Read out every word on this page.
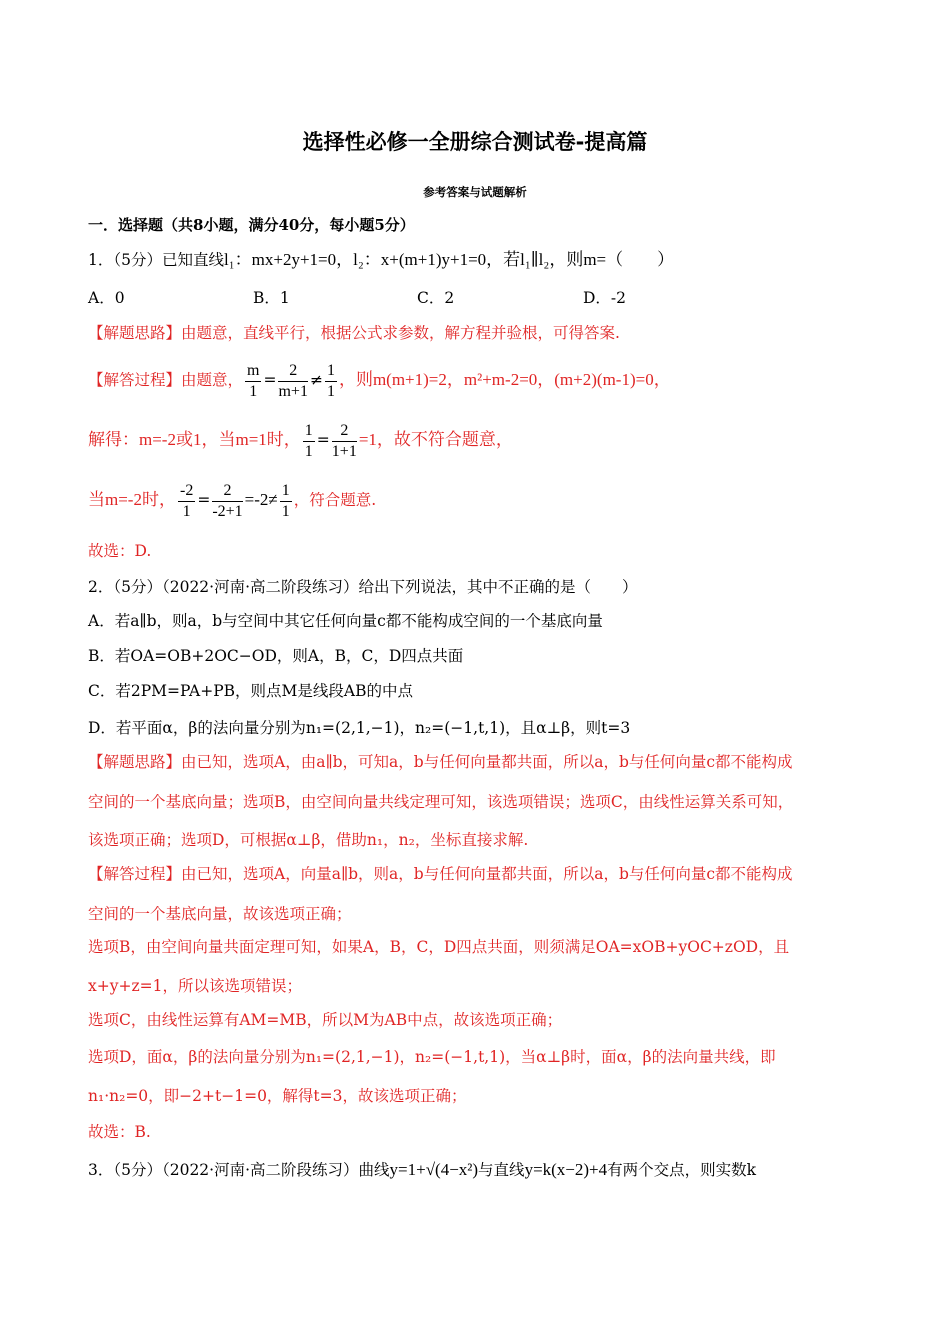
选择性必修一全册综合测试卷-提高篇
参考答案与试题解析
一．选择题（共8小题，满分40分，每小题5分）
1．（5分）已知直线l₁：mx+2y+1=0，l₂：x+(m+1)y+1=0，若l₁∥l₂，则m=（　　）
A．0	B．1	C．2	D．-2
【解题思路】由题意，直线平行，根据公式求参数，解方程并验根，可得答案.
【解答过程】由题意， $\frac{m}{1} = \frac{2}{m+1} \ne \frac{1}{1}$ ，则m(m+1)=2，m²+m-2=0，(m+2)(m-1)=0，
解得：m=-2或1，当m=1时， $\frac{1}{1} = \frac{2}{1+1} =1$，故不符合题意，
当m=-2时， $\frac{-2}{1} = \frac{2}{-2+1} =-2\ne \frac{1}{1}$ ，符合题意.
故选：D.
2．（5分）（2022·河南·高二阶段练习）给出下列说法，其中不正确的是（　　）
A．若a∥b，则a，b与空间中其它任何向量c都不能构成空间的一个基底向量
B．若OA=OB+2OC−OD，则A，B，C，D四点共面
C．若2PM=PA+PB，则点M是线段AB的中点
D．若平面α，β的法向量分别为n₁=(2,1,−1)，n₂=(−1,t,1)，且α⊥β，则t=3
【解题思路】由已知，选项A，由a∥b，可知a，b与任何向量都共面，所以a，b与任何向量c都不能构成
空间的一个基底向量；选项B，由空间向量共线定理可知，该选项错误；选项C，由线性运算关系可知，
该选项正确；选项D，可根据α⊥β，借助n₁，n₂，坐标直接求解.
【解答过程】由已知，选项A，向量a∥b，则a，b与任何向量都共面，所以a，b与任何向量c都不能构成
空间的一个基底向量，故该选项正确；
选项B，由空间向量共面定理可知，如果A，B，C，D四点共面，则须满足OA=xOB+yOC+zOD，且
x+y+z=1，所以该选项错误；
选项C，由线性运算有AM=MB，所以M为AB中点，故该选项正确；
选项D，面α，β的法向量分别为n₁=(2,1,−1)，n₂=(−1,t,1)，当α⊥β时，面α，β的法向量共线，即
n₁·n₂=0，即−2+t−1=0，解得t=3，故该选项正确；
故选：B.
3．（5分）（2022·河南·高二阶段练习）曲线y=1+√(4−x²)与直线y=k(x−2)+4有两个交点，则实数k
